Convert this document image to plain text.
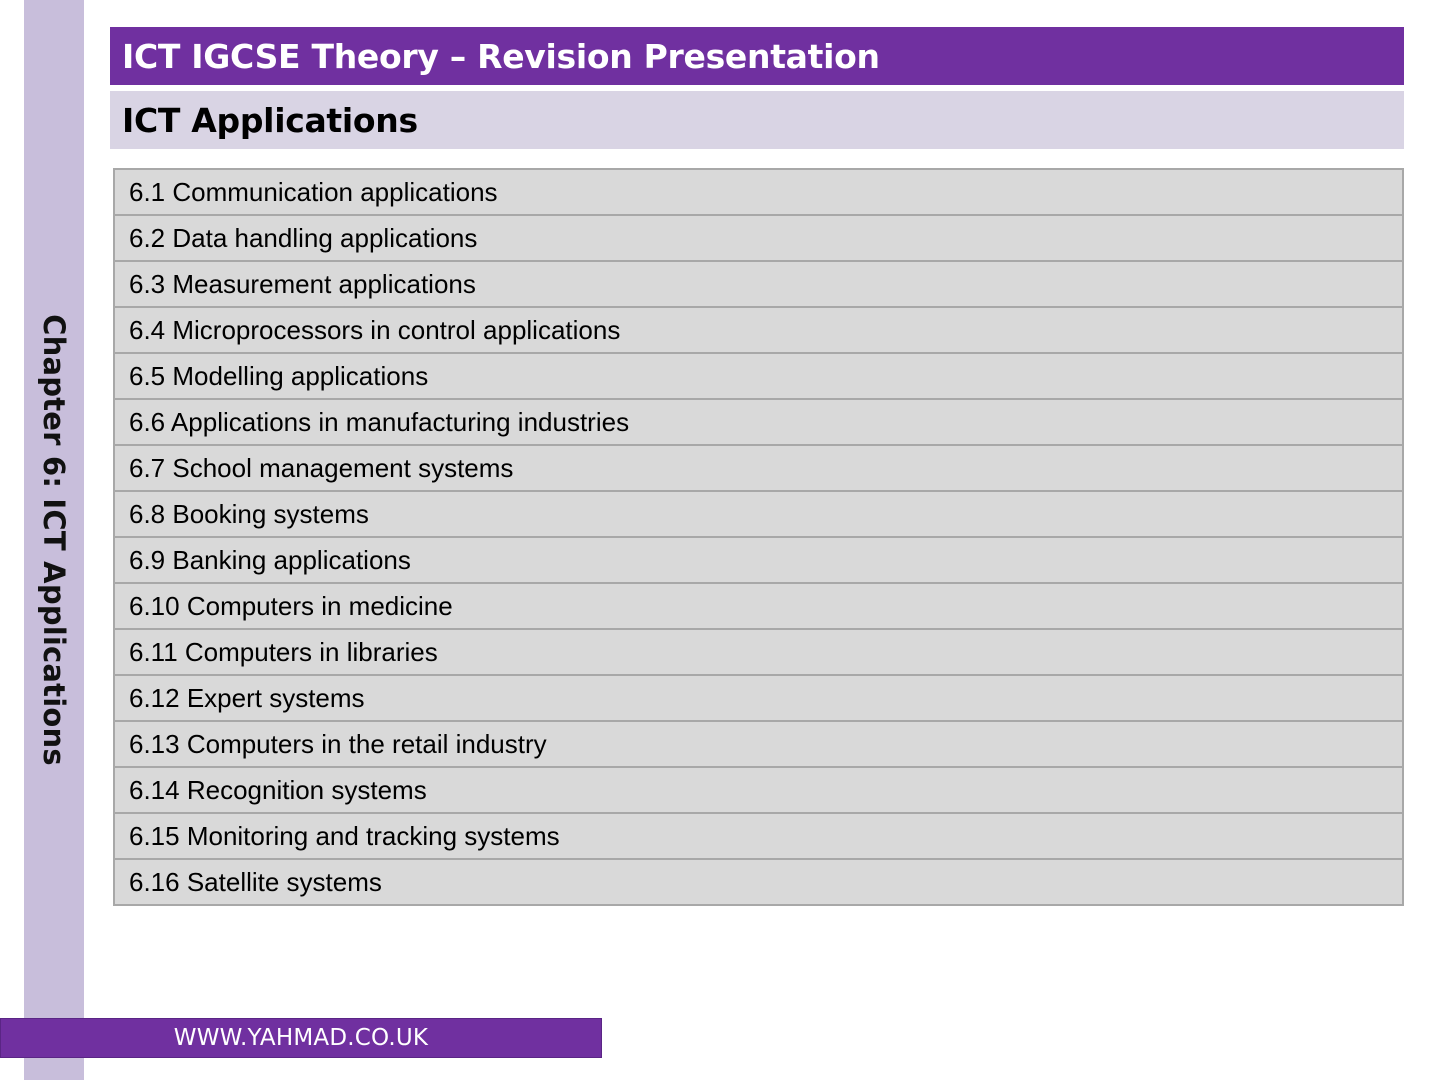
Chapter 6: ICT Applications
ICT IGCSE Theory – Revision Presentation
ICT Applications
6.1 Communication applications
6.2 Data handling applications
6.3 Measurement applications
6.4 Microprocessors in control applications
6.5 Modelling applications
6.6 Applications in manufacturing industries
6.7 School management systems
6.8 Booking systems
6.9 Banking applications
6.10 Computers in medicine
6.11 Computers in libraries
6.12 Expert systems
6.13 Computers in the retail industry
6.14 Recognition systems
6.15 Monitoring and tracking systems
6.16 Satellite systems
WWW.YAHMAD.CO.UK
